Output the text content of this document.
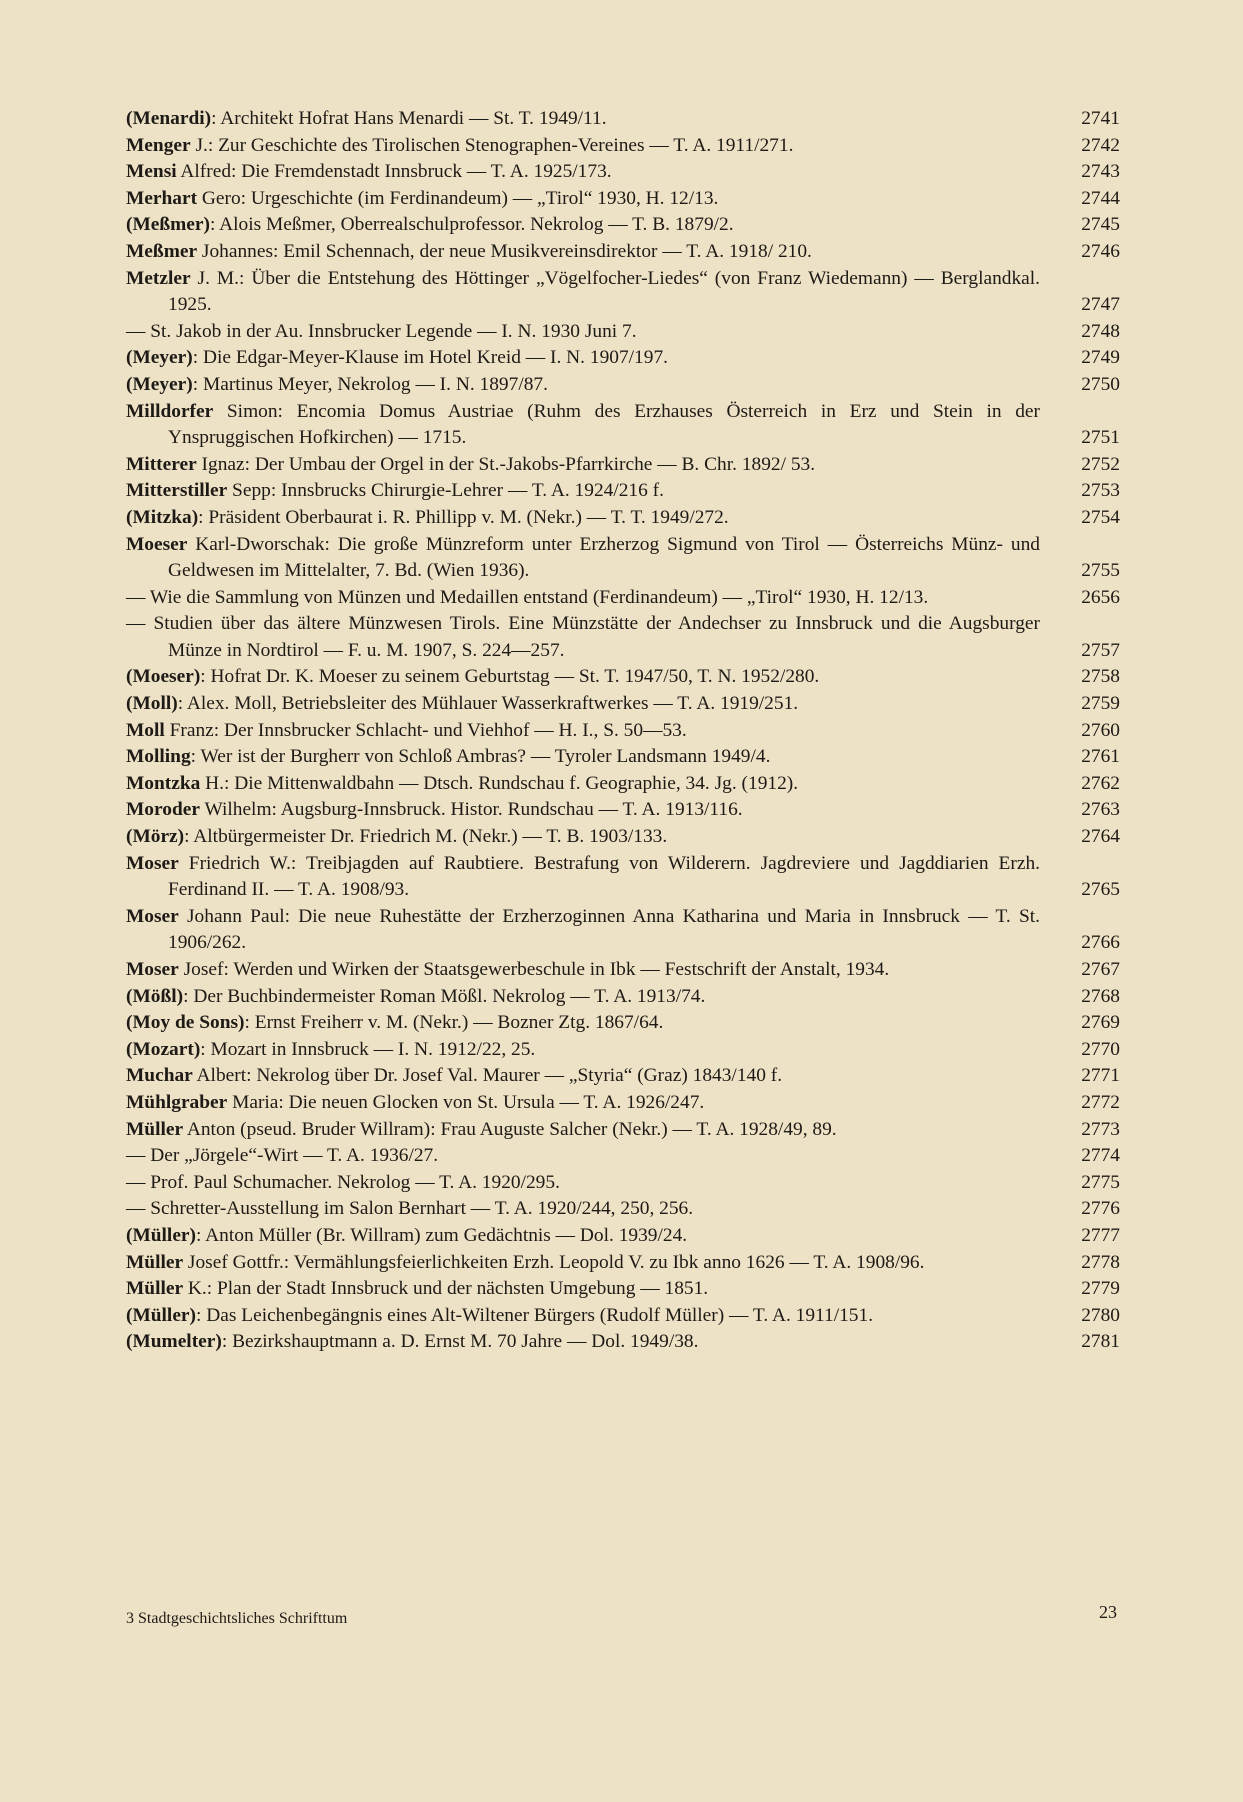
(Menardi): Architekt Hofrat Hans Menardi — St. T. 1949/11.	2741
Menger J.: Zur Geschichte des Tirolischen Stenographen-Vereines — T. A. 1911/271.	2742
Mensi Alfred: Die Fremdenstadt Innsbruck — T. A. 1925/173.	2743
Merhart Gero: Urgeschichte (im Ferdinandeum) — „Tirol“ 1930, H. 12/13.	2744
(Meßmer): Alois Meßmer, Oberrealschulprofessor. Nekrolog — T. B. 1879/2.	2745
Meßmer Johannes: Emil Schennach, der neue Musikvereinsdirektor — T. A. 1918/ 210.	2746
Metzler J. M.: Über die Entstehung des Höttinger „Vögelfocher-Liedes“ (von Franz Wiedemann) — Berglandkal. 1925.	2747
— St. Jakob in der Au. Innsbrucker Legende — I. N. 1930 Juni 7.	2748
(Meyer): Die Edgar-Meyer-Klause im Hotel Kreid — I. N. 1907/197.	2749
(Meyer): Martinus Meyer, Nekrolog — I. N. 1897/87.	2750
Milldorfer Simon: Encomia Domus Austriae (Ruhm des Erzhauses Österreich in Erz und Stein in der Ynspruggischen Hofkirchen) — 1715.	2751
Mitterer Ignaz: Der Umbau der Orgel in der St.-Jakobs-Pfarrkirche — B. Chr. 1892/ 53.	2752
Mitterstiller Sepp: Innsbrucks Chirurgie-Lehrer — T. A. 1924/216 f.	2753
(Mitzka): Präsident Oberbaurat i. R. Phillipp v. M. (Nekr.) — T. T. 1949/272.	2754
Moeser Karl-Dworschak: Die große Münzreform unter Erzherzog Sigmund von Tirol — Österreichs Münz- und Geldwesen im Mittelalter, 7. Bd. (Wien 1936).	2755
— Wie die Sammlung von Münzen und Medaillen entstand (Ferdinandeum) — „Tirol“ 1930, H. 12/13.	2656
— Studien über das ältere Münzwesen Tirols. Eine Münzstätte der Andechser zu Innsbruck und die Augsburger Münze in Nordtirol — F. u. M. 1907, S. 224—257.	2757
(Moeser): Hofrat Dr. K. Moeser zu seinem Geburtstag — St. T. 1947/50, T. N. 1952/280.	2758
(Moll): Alex. Moll, Betriebsleiter des Mühlauer Wasserkraftwerkes — T. A. 1919/251.	2759
Moll Franz: Der Innsbrucker Schlacht- und Viehhof — H. I., S. 50—53.	2760
Molling: Wer ist der Burgherr von Schloß Ambras? — Tyroler Landsmann 1949/4.	2761
Montzka H.: Die Mittenwaldbahn — Dtsch. Rundschau f. Geographie, 34. Jg. (1912).	2762
Moroder Wilhelm: Augsburg-Innsbruck. Histor. Rundschau — T. A. 1913/116.	2763
(Mörz): Altbürgermeister Dr. Friedrich M. (Nekr.) — T. B. 1903/133.	2764
Moser Friedrich W.: Treibjagden auf Raubtiere. Bestrafung von Wilderern. Jagdreviere und Jagddiarien Erzh. Ferdinand II. — T. A. 1908/93.	2765
Moser Johann Paul: Die neue Ruhestätte der Erzherzoginnen Anna Katharina und Maria in Innsbruck — T. St. 1906/262.	2766
Moser Josef: Werden und Wirken der Staatsgewerbeschule in Ibk — Festschrift der Anstalt, 1934.	2767
(Mößl): Der Buchbindermeister Roman Mößl. Nekrolog — T. A. 1913/74.	2768
(Moy de Sons): Ernst Freiherr v. M. (Nekr.) — Bozner Ztg. 1867/64.	2769
(Mozart): Mozart in Innsbruck — I. N. 1912/22, 25.	2770
Muchar Albert: Nekrolog über Dr. Josef Val. Maurer — „Styria“ (Graz) 1843/140 f.	2771
Mühlgraber Maria: Die neuen Glocken von St. Ursula — T. A. 1926/247.	2772
Müller Anton (pseud. Bruder Willram): Frau Auguste Salcher (Nekr.) — T. A. 1928/49, 89.	2773
— Der „Jörgele“-Wirt — T. A. 1936/27.	2774
— Prof. Paul Schumacher. Nekrolog — T. A. 1920/295.	2775
— Schretter-Ausstellung im Salon Bernhart — T. A. 1920/244, 250, 256.	2776
(Müller): Anton Müller (Br. Willram) zum Gedächtnis — Dol. 1939/24.	2777
Müller Josef Gottfr.: Vermählungsfeierlichkeiten Erzh. Leopold V. zu Ibk anno 1626 — T. A. 1908/96.	2778
Müller K.: Plan der Stadt Innsbruck und der nächsten Umgebung — 1851.	2779
(Müller): Das Leichenbegängnis eines Alt-Wiltener Bürgers (Rudolf Müller) — T. A. 1911/151.	2780
(Mumelter): Bezirkshauptmann a. D. Ernst M. 70 Jahre — Dol. 1949/38.	2781
3 Stadtgeschichtsliches Schrifttum	23
